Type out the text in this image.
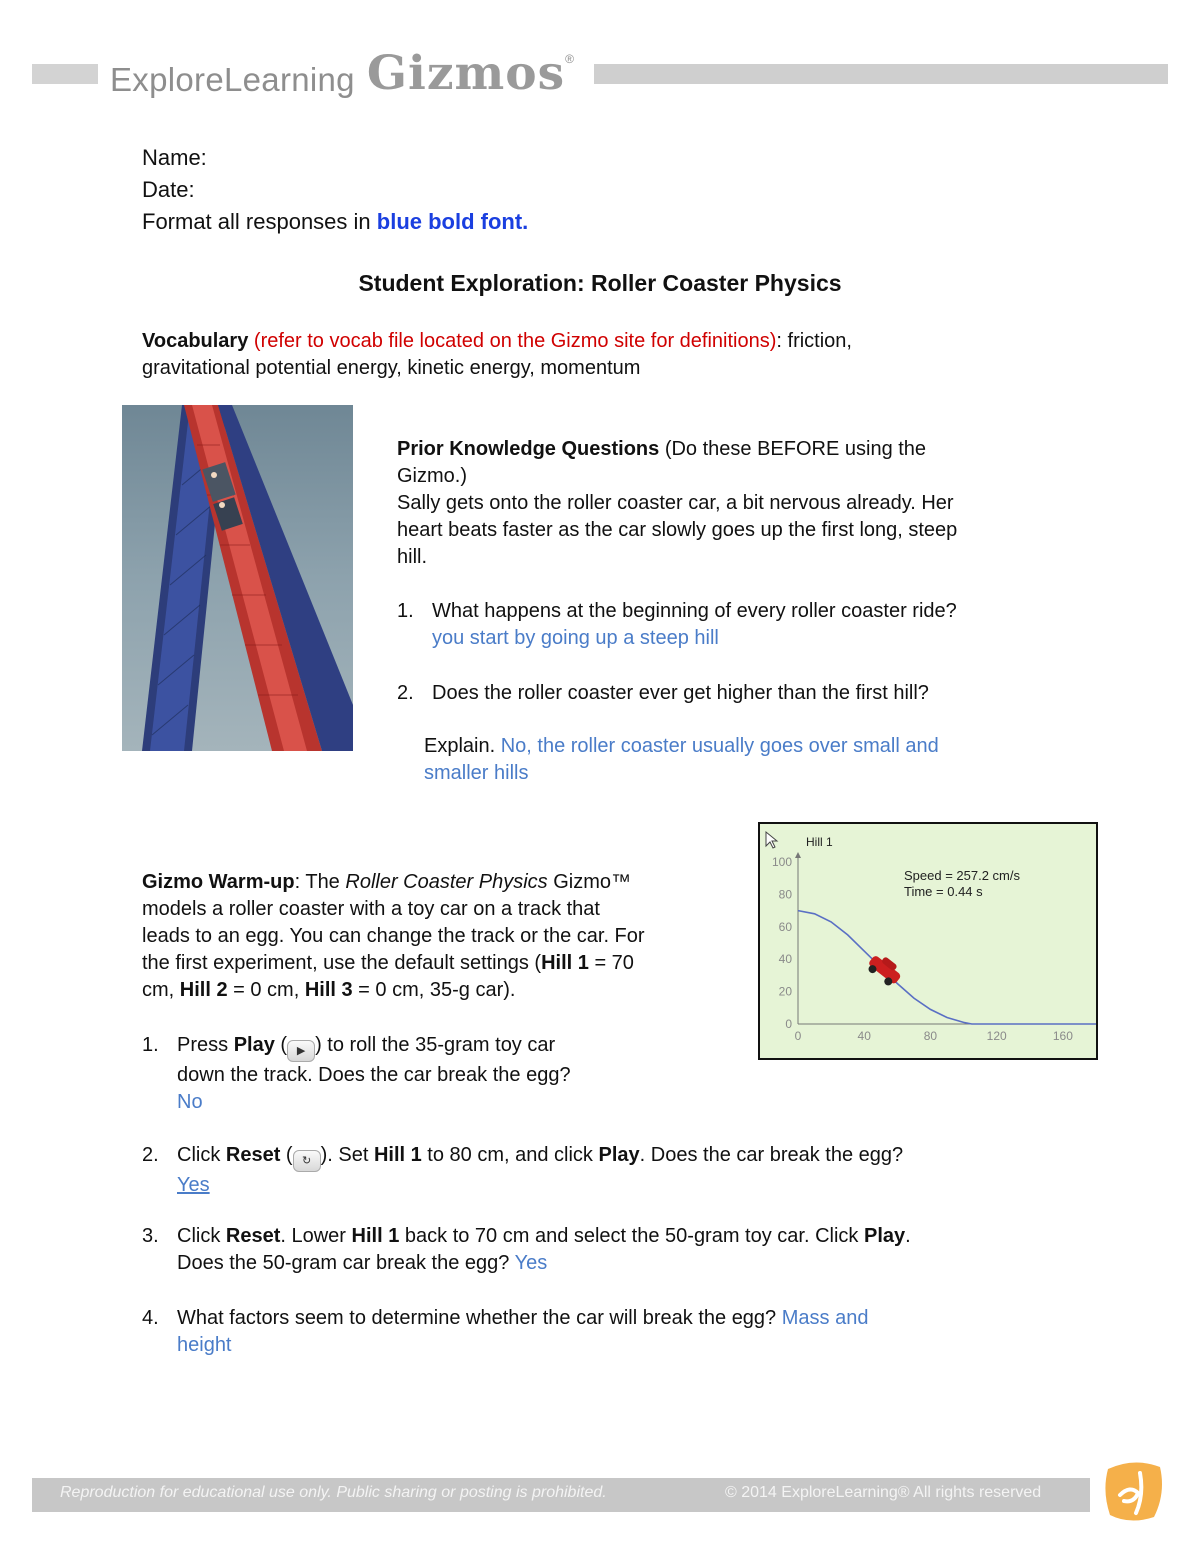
ExploreLearning Gizmos®
Name:
Date:
Format all responses in blue bold font.
Student Exploration: Roller Coaster Physics
Vocabulary (refer to vocab file located on the Gizmo site for definitions): friction,
gravitational potential energy, kinetic energy, momentum
Prior Knowledge Questions (Do these BEFORE using the
Gizmo.)
Sally gets onto the roller coaster car, a bit nervous already. Her
heart beats faster as the car slowly goes up the first long, steep
hill.
1. What happens at the beginning of every roller coaster ride?
you start by going up a steep hill
2. Does the roller coaster ever get higher than the first hill?
Explain. No, the roller coaster usually goes over small and
smaller hills
Hill 1
0
20
40
60
80
100
0	40	80	120	160
Speed = 257.2 cm/s
Time = 0.44 s
Gizmo Warm-up: The Roller Coaster Physics Gizmo™
models a roller coaster with a toy car on a track that
leads to an egg. You can change the track or the car. For
the first experiment, use the default settings (Hill 1 = 70
cm, Hill 2 = 0 cm, Hill 3 = 0 cm, 35-g car).
1. Press Play ( ▶ ) to roll the 35-gram toy car
down the track. Does the car break the egg?
No
2. Click Reset ( ↻ ). Set Hill 1 to 80 cm, and click Play. Does the car break the egg?
Yes
3. Click Reset. Lower Hill 1 back to 70 cm and select the 50-gram toy car. Click Play.
Does the 50-gram car break the egg? Yes
4. What factors seem to determine whether the car will break the egg? Mass and
height
Reproduction for educational use only. Public sharing or posting is prohibited.	© 2014 ExploreLearning® All rights reserved
